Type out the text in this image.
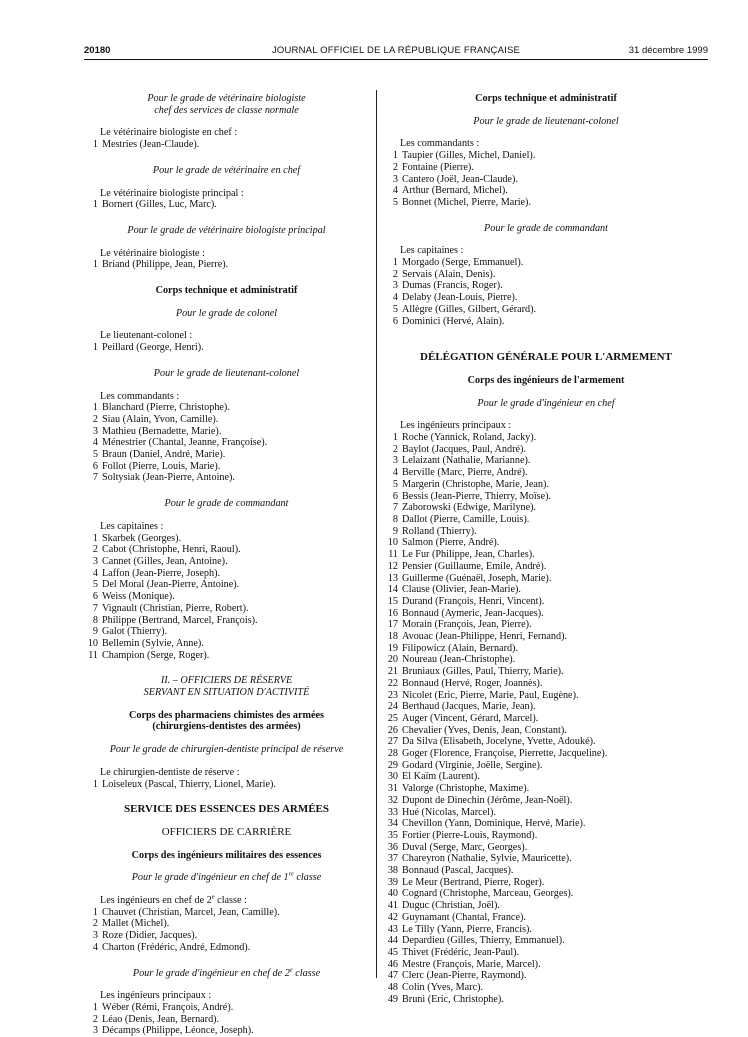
20180	JOURNAL OFFICIEL DE LA RÉPUBLIQUE FRANÇAISE	31 décembre 1999
Pour le grade de vétérinaire biologiste
chef des services de classe normale
Le vétérinaire biologiste en chef :
1 Mestries (Jean-Claude).
Pour le grade de vétérinaire en chef
Le vétérinaire biologiste principal :
1 Bornert (Gilles, Luc, Marc).
Pour le grade de vétérinaire biologiste principal
Le vétérinaire biologiste :
1 Briand (Philippe, Jean, Pierre).
Corps technique et administratif
Pour le grade de colonel
Le lieutenant-colonel :
1 Peillard (George, Henri).
Pour le grade de lieutenant-colonel
Les commandants :
1 Blanchard (Pierre, Christophe).
2 Siau (Alain, Yvon, Camille).
3 Mathieu (Bernadette, Marie).
4 Ménestrier (Chantal, Jeanne, Françoise).
5 Braun (Daniel, André, Marie).
6 Follot (Pierre, Louis, Marie).
7 Soltysiak (Jean-Pierre, Antoine).
Pour le grade de commandant
Les capitaines :
1 Skarbek (Georges).
2 Cabot (Christophe, Henri, Raoul).
3 Cannet (Gilles, Jean, Antoine).
4 Laffon (Jean-Pierre, Joseph).
5 Del Moral (Jean-Pierre, Antoine).
6 Weiss (Monique).
7 Vignault (Christian, Pierre, Robert).
8 Philippe (Bertrand, Marcel, François).
9 Galot (Thierry).
10 Bellemin (Sylvie, Anne).
11 Champion (Serge, Roger).
II. – OFFICIERS DE RÉSERVE
SERVANT EN SITUATION D'ACTIVITÉ
Corps des pharmaciens chimistes des armées
(chirurgiens-dentistes des armées)
Pour le grade de chirurgien-dentiste principal de réserve
Le chirurgien-dentiste de réserve :
1 Loiseleux (Pascal, Thierry, Lionel, Marie).
SERVICE DES ESSENCES DES ARMÉES
OFFICIERS DE CARRIÈRE
Corps des ingénieurs militaires des essences
Pour le grade d'ingénieur en chef de 1re classe
Les ingénieurs en chef de 2e classe :
1 Chauvet (Christian, Marcel, Jean, Camille).
2 Mallet (Michel).
3 Roze (Didier, Jacques).
4 Charton (Frédéric, André, Edmond).
Pour le grade d'ingénieur en chef de 2e classe
Les ingénieurs principaux :
1 Wéber (Rémi, François, André).
2 Léao (Denis, Jean, Bernard).
3 Décamps (Philippe, Léonce, Joseph).
Corps technique et administratif
Pour le grade de lieutenant-colonel
Les commandants :
1 Taupier (Gilles, Michel, Daniel).
2 Fontaine (Pierre).
3 Cantero (Joël, Jean-Claude).
4 Arthur (Bernard, Michel).
5 Bonnet (Michel, Pierre, Marie).
Pour le grade de commandant
Les capitaines :
1 Morgado (Serge, Emmanuel).
2 Servais (Alain, Denis).
3 Dumas (Francis, Roger).
4 Delaby (Jean-Louis, Pierre).
5 Allègre (Gilles, Gilbert, Gérard).
6 Dominici (Hervé, Alain).
DÉLÉGATION GÉNÉRALE POUR L'ARMEMENT
Corps des ingénieurs de l'armement
Pour le grade d'ingénieur en chef
Les ingénieurs principaux :
1 Roche (Yannick, Roland, Jacky).
2 Baylot (Jacques, Paul, André).
3 Lelaizant (Nathalie, Marianne).
4 Berville (Marc, Pierre, André).
5 Margerin (Christophe, Marie, Jean).
6 Bessis (Jean-Pierre, Thierry, Moïse).
7 Zaborowski (Edwige, Marilyne).
8 Dallot (Pierre, Camille, Louis).
9 Rolland (Thierry).
10 Salmon (Pierre, André).
11 Le Fur (Philippe, Jean, Charles).
12 Pensier (Guillaume, Emile, André).
13 Guillerme (Guénaël, Joseph, Marie).
14 Clause (Olivier, Jean-Marie).
15 Durand (François, Henri, Vincent).
16 Bonnaud (Aymeric, Jean-Jacques).
17 Morain (François, Jean, Pierre).
18 Avouac (Jean-Philippe, Henri, Fernand).
19 Filipowicz (Alain, Bernard).
20 Noureau (Jean-Christophe).
21 Bruniaux (Gilles, Paul, Thierry, Marie).
22 Bonnaud (Hervé, Roger, Joannès).
23 Nicolet (Eric, Pierre, Marie, Paul, Eugène).
24 Berthaud (Jacques, Marie, Jean).
25 Auger (Vincent, Gérard, Marcel).
26 Chevalier (Yves, Denis, Jean, Constant).
27 Da Silva (Elisabeth, Jocelyne, Yvette, Adouké).
28 Goger (Florence, Françoise, Pierrette, Jacqueline).
29 Godard (Virginie, Joëlle, Sergine).
30 El Kaïm (Laurent).
31 Valorge (Christophe, Maxime).
32 Dupont de Dinechin (Jérôme, Jean-Noël).
33 Hué (Nicolas, Marcel).
34 Chevillon (Yann, Dominique, Hervé, Marie).
35 Fortier (Pierre-Louis, Raymond).
36 Duval (Serge, Marc, Georges).
37 Chareyron (Nathalie, Sylvie, Mauricette).
38 Bonnaud (Pascal, Jacques).
39 Le Meur (Bertrand, Pierre, Roger).
40 Cognard (Christophe, Marceau, Georges).
41 Duguc (Christian, Joël).
42 Guynamant (Chantal, France).
43 Le Tilly (Yann, Pierre, Francis).
44 Depardieu (Gilles, Thierry, Emmanuel).
45 Thivet (Frédéric, Jean-Paul).
46 Mestre (François, Marie, Marcel).
47 Clerc (Jean-Pierre, Raymond).
48 Colin (Yves, Marc).
49 Bruni (Eric, Christophe).
